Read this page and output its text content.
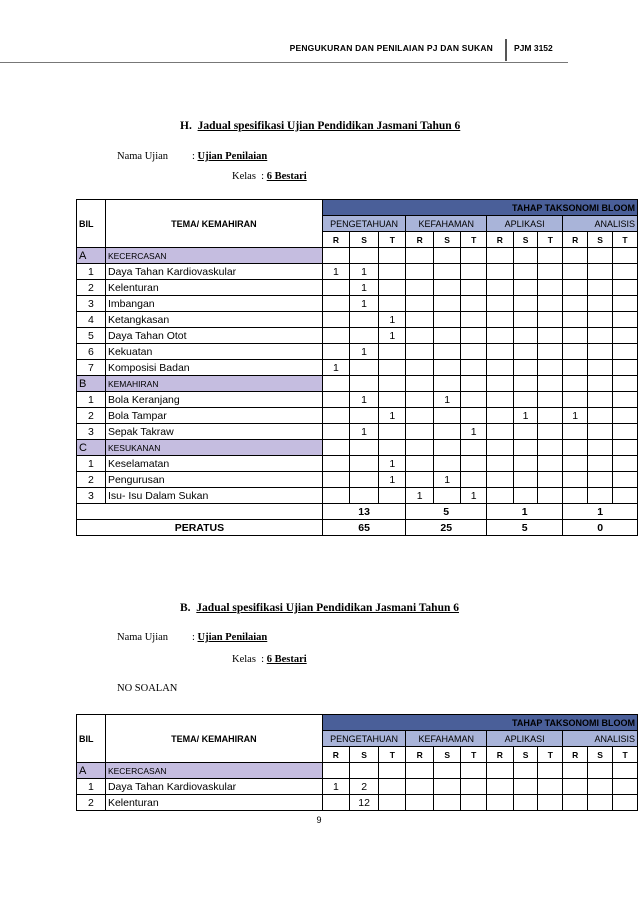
PENGUKURAN DAN PENILAIAN PJ DAN SUKAN PJM 3152
H. Jadual spesifikasi Ujian Pendidikan Jasmani Tahun 6
Nama Ujian : Ujian Penilaian
Kelas  : 6 Bestari
BIL	TEMA/ KEMAHIRAN	TAHAP TAKSONOMI BLOOM											
		PENGETAHUAN			KEFAHAMAN			APLIKASI			ANALISIS		
		R	S	T	R	S	T	R	S	T	R	S	T
A	KECERCASAN												
1	Daya Tahan Kardiovaskular	1	1										
2	Kelenturan		1										
3	Imbangan		1										
4	Ketangkasan			1									
5	Daya Tahan Otot			1									
6	Kekuatan		1										
7	Komposisi Badan	1											
B	KEMAHIRAN												
1	Bola Keranjang		1			1							
2	Bola Tampar			1					1		1		
3	Sepak Takraw		1				1						
C	KESUKANAN												
1	Keselamatan			1									
2	Pengurusan			1		1							
3	Isu- Isu Dalam Sukan				1		1						
		13			5			1			1		
PERATUS		65			25			5			0		
B. Jadual spesifikasi Ujian Pendidikan Jasmani Tahun 6
Nama Ujian : Ujian Penilaian
Kelas  : 6 Bestari
NO SOALAN
BIL	TEMA/ KEMAHIRAN	TAHAP TAKSONOMI BLOOM											
		PENGETAHUAN			KEFAHAMAN			APLIKASI			ANALISIS		
		R	S	T	R	S	T	R	S	T	R	S	T
A	KECERCASAN												
1	Daya Tahan Kardiovaskular	1	2										
2	Kelenturan		12										
9
